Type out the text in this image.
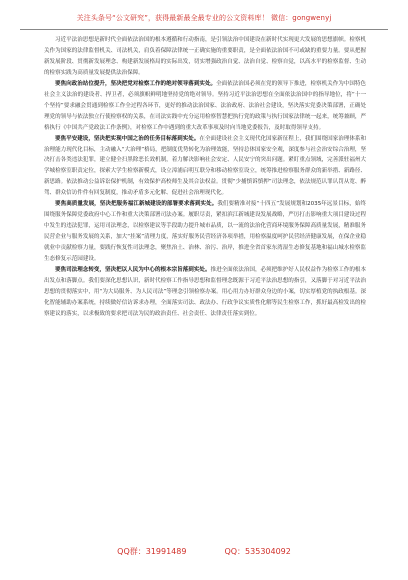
关注头条号“公文研究”，获得最新最全最专业的公文资料库！ 微信：gongwenyj

习近平法治思想是新时代全面依法治国的根本遵循和行动指南，是引领法治中国建设在新时代实现更大发展的思想旗帜。检察机关作为国家的法律监督机关、司法机关，肩负着保障法律统一正确实施的重要职责，是全面依法治国不可或缺的重要力量。要从把握新发展阶段、贯彻新发展理念、构建新发展格局的实际出发，切实增强政治自觉、法治自觉、检察自觉，以高水平的检察监督、生动的检察实践为高质量发展提供法治保障。

要焦向政治站位提升，坚决把党对检察工作的绝对领导落到实处。全面依法治国必须在党的领导下推进，检察机关作为中国特色社会主义法治的建设者、捍卫者，必须旗帜鲜明地坚持党的绝对领导。坚持习近平法治思想在全面依法治国中的指导地位，将“十一个坚持”要求融会贯通到检察工作全过程各环节，更好的推动法治国家、法治政府、法治社会建设，坚决落实党委决策部署，正确处理党的领导与依法独立行使检察权的关系，在司法实践中充分运用检察智慧把执行党的政策与执行国家法律统一起来，统筹兼顾，严格执行《中国共产党政法工作条例》，对检察工作中遇到的重大改革事项及时向当地党委报告，及时取得领导支持。

要焦平安建设，坚决把实现中国之治的任务目标落到实处。在全面建设社会主义现代化国家新征程上，我们围绕国家治理体系和治理能力现代化目标，主动融入“大治理”格局，把制度优势转化为治理效能，坚持总体国家安全观，深度参与社会治安综合治理，坚决打击各类违法犯罪，建立健全扫黑除恶长效机制，着力解决影响社会安定、人民安宁的突出问题。紧盯重点领域，完善派驻福州大学城检察室职责定位，探索大学生检察新模式，设立漳浦启明互联分和移动检察室设立，统筹推进检察服务群众的新举措、新路径、新思路。依法推动公益诉讼保护机制，有效保护高校师生及其合法权益。贯彻“少捕慎诉慎押”司法理念，依法规范认罪认罚从宽、醉驾、群众信访件件有回复制度，推动矛盾多元化解、促进社会治理现代化。

要焦高质量发展，坚决把服务福江新城建设的部署要求落到实处。我们要精准对接“十四五”发展规划和2035年远景目标，始终围绕服务保障党委政府中心工作和重大决策部署司法办案。履职尽责，紧扣滨江新城建设发展战略，严厉打击影响重大项目建设过程中发生的违法犯罪，运用司法理念，以检察建议等手段助力提升城市品质，以一流的法治化营商环境服务保障高质量发展，精准服务民营企业与服务发展的关系，加大“挂案”清理力度，落实好服务民营经济各项举措，用检察温度呵护民营经济健康发展，在保企业稳就业中贡献检察力量，要践行恢复性司法理念，聚焦治土、治林、治污、治岸，推进全省首家东湾湿生态修复基地和福山城水检察监生态修复示范园建设。

要焦司法理念转变，坚决把以人民为中心的根本宗旨落到实处。推进全面依法治国，必须把维护好人民权益作为检察工作的根本出发点和落脚点。我们要深化思想认识，新时代检察工作指导思想和监督理念既源于习近平法治思想的指引，又落脚于对习近平法治思想的贯彻落实中，用“为大局服务、为人民司法”等理念引领检察办案。用心用力办好群众身边的小案，切实厚植党的执政根基。深化智能辅助办案系统，持续做好信访诉求办理，全面落实司法、政法办、行政争议实质性化解等民生检察工作，抓好最高检发出的检察建议的落实，以求极致的要求把司法为民的政治责任、社会责任、法律责任落实到位。

QQ群：31991489	QQ：535304092
